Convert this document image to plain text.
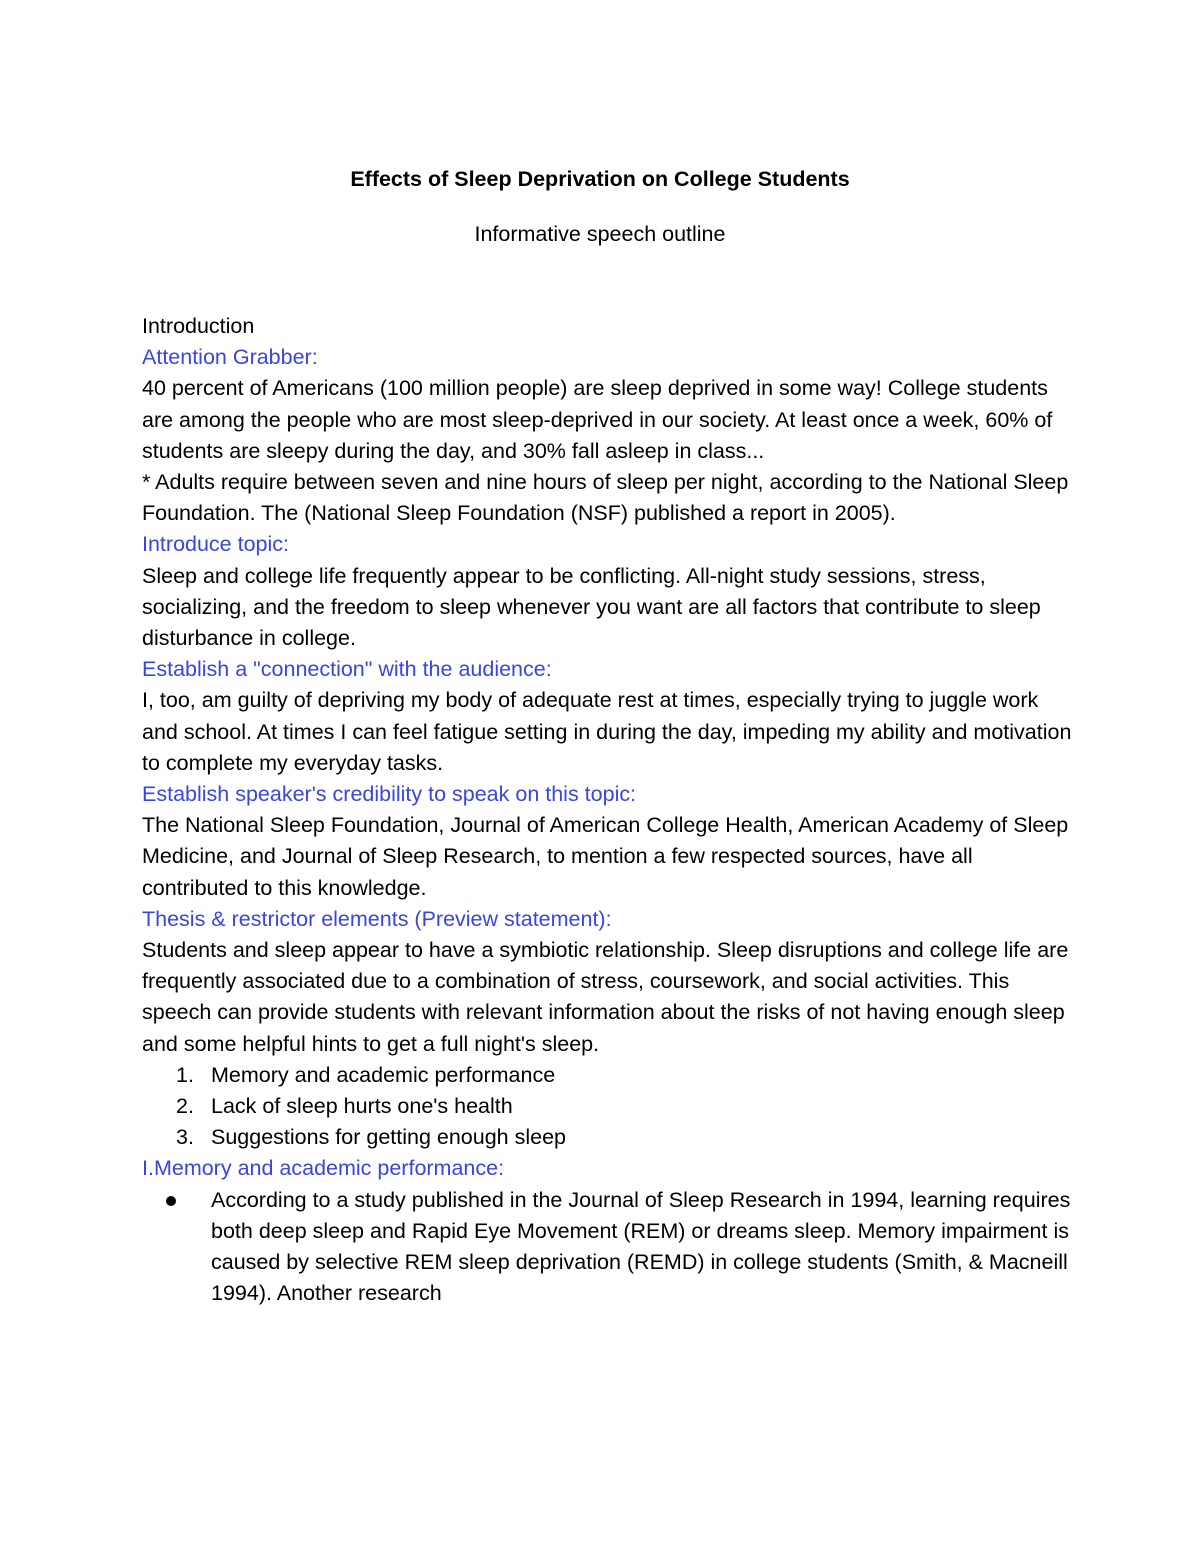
Effects of Sleep Deprivation on College Students

Informative speech outline

Introduction

Attention Grabber:

40 percent of Americans (100 million people) are sleep deprived in some way! College students are among the people who are most sleep-deprived in our society. At least once a week, 60% of students are sleepy during the day, and 30% fall asleep in class...

* Adults require between seven and nine hours of sleep per night, according to the National Sleep Foundation. The (National Sleep Foundation (NSF) published a report in 2005).

Introduce topic:

Sleep and college life frequently appear to be conflicting. All-night study sessions, stress, socializing, and the freedom to sleep whenever you want are all factors that contribute to sleep disturbance in college.

Establish a "connection" with the audience:

I, too, am guilty of depriving my body of adequate rest at times, especially trying to juggle work and school. At times I can feel fatigue setting in during the day, impeding my ability and motivation to complete my everyday tasks.

Establish speaker's credibility to speak on this topic:

The National Sleep Foundation, Journal of American College Health, American Academy of Sleep Medicine, and Journal of Sleep Research, to mention a few respected sources, have all contributed to this knowledge.

Thesis & restrictor elements (Preview statement):

Students and sleep appear to have a symbiotic relationship. Sleep disruptions and college life are frequently associated due to a combination of stress, coursework, and social activities. This speech can provide students with relevant information about the risks of not having enough sleep and some helpful hints to get a full night's sleep.

1. Memory and academic performance
2. Lack of sleep hurts one's health
3. Suggestions for getting enough sleep

I.Memory and academic performance:

According to a study published in the Journal of Sleep Research in 1994, learning requires both deep sleep and Rapid Eye Movement (REM) or dreams sleep. Memory impairment is caused by selective REM sleep deprivation (REMD) in college students (Smith, & Macneill 1994). Another research
